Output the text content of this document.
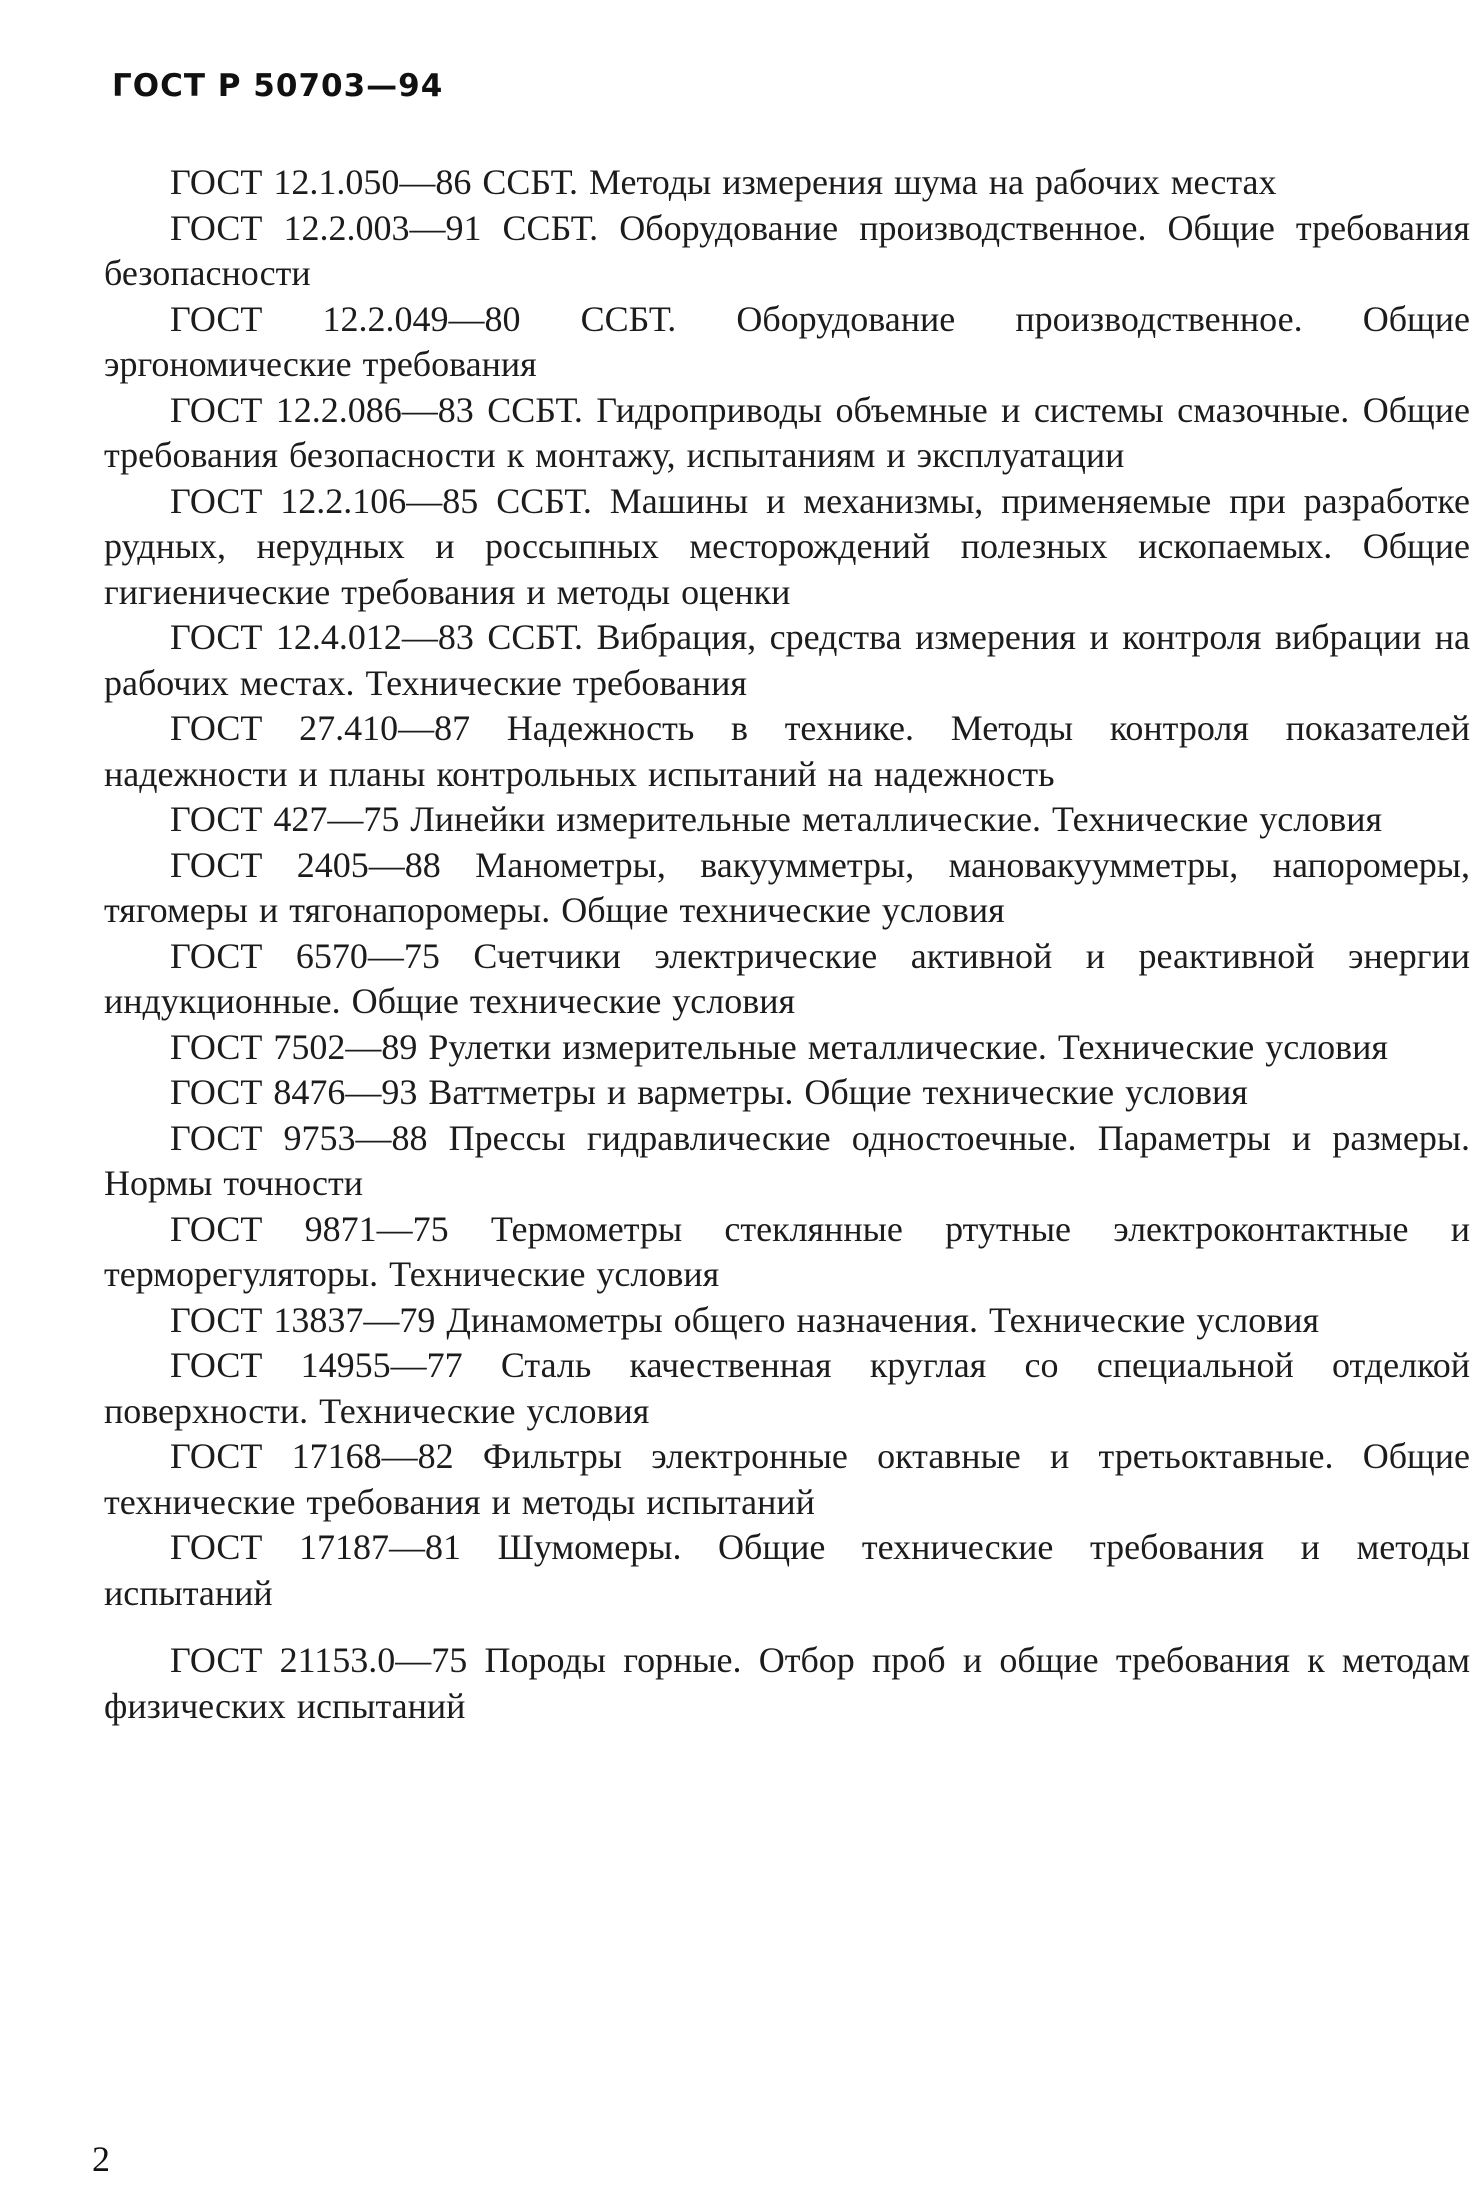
ГОСТ Р 50703—94

ГОСТ 12.1.050—86 ССБТ. Методы измерения шума на рабочих местах

ГОСТ 12.2.003—91 ССБТ. Оборудование производственное. Общие требования безопасности

ГОСТ 12.2.049—80 ССБТ. Оборудование производственное. Общие эргономические требования

ГОСТ 12.2.086—83 ССБТ. Гидроприводы объемные и системы смазочные. Общие требования безопасности к монтажу, испытаниям и эксплуатации

ГОСТ 12.2.106—85 ССБТ. Машины и механизмы, применяемые при разработке рудных, нерудных и россыпных месторождений полезных ископаемых. Общие гигиенические требования и методы оценки

ГОСТ 12.4.012—83 ССБТ. Вибрация, средства измерения и контроля вибрации на рабочих местах. Технические требования

ГОСТ 27.410—87 Надежность в технике. Методы контроля показателей надежности и планы контрольных испытаний на надежность

ГОСТ 427—75 Линейки измерительные металлические. Технические условия

ГОСТ 2405—88 Манометры, вакуумметры, мановакуумметры, напоромеры, тягомеры и тягонапоромеры. Общие технические условия

ГОСТ 6570—75 Счетчики электрические активной и реактивной энергии индукционные. Общие технические условия

ГОСТ 7502—89 Рулетки измерительные металлические. Технические условия

ГОСТ 8476—93 Ваттметры и варметры. Общие технические условия

ГОСТ 9753—88 Прессы гидравлические одностоечные. Параметры и размеры. Нормы точности

ГОСТ 9871—75 Термометры стеклянные ртутные электроконтактные и терморегуляторы. Технические условия

ГОСТ 13837—79 Динамометры общего назначения. Технические условия

ГОСТ 14955—77 Сталь качественная круглая со специальной отделкой поверхности. Технические условия

ГОСТ 17168—82 Фильтры электронные октавные и третьоктавные. Общие технические требования и методы испытаний

ГОСТ 17187—81 Шумомеры. Общие технические требования и методы испытаний

ГОСТ 21153.0—75 Породы горные. Отбор проб и общие требования к методам физических испытаний

2
